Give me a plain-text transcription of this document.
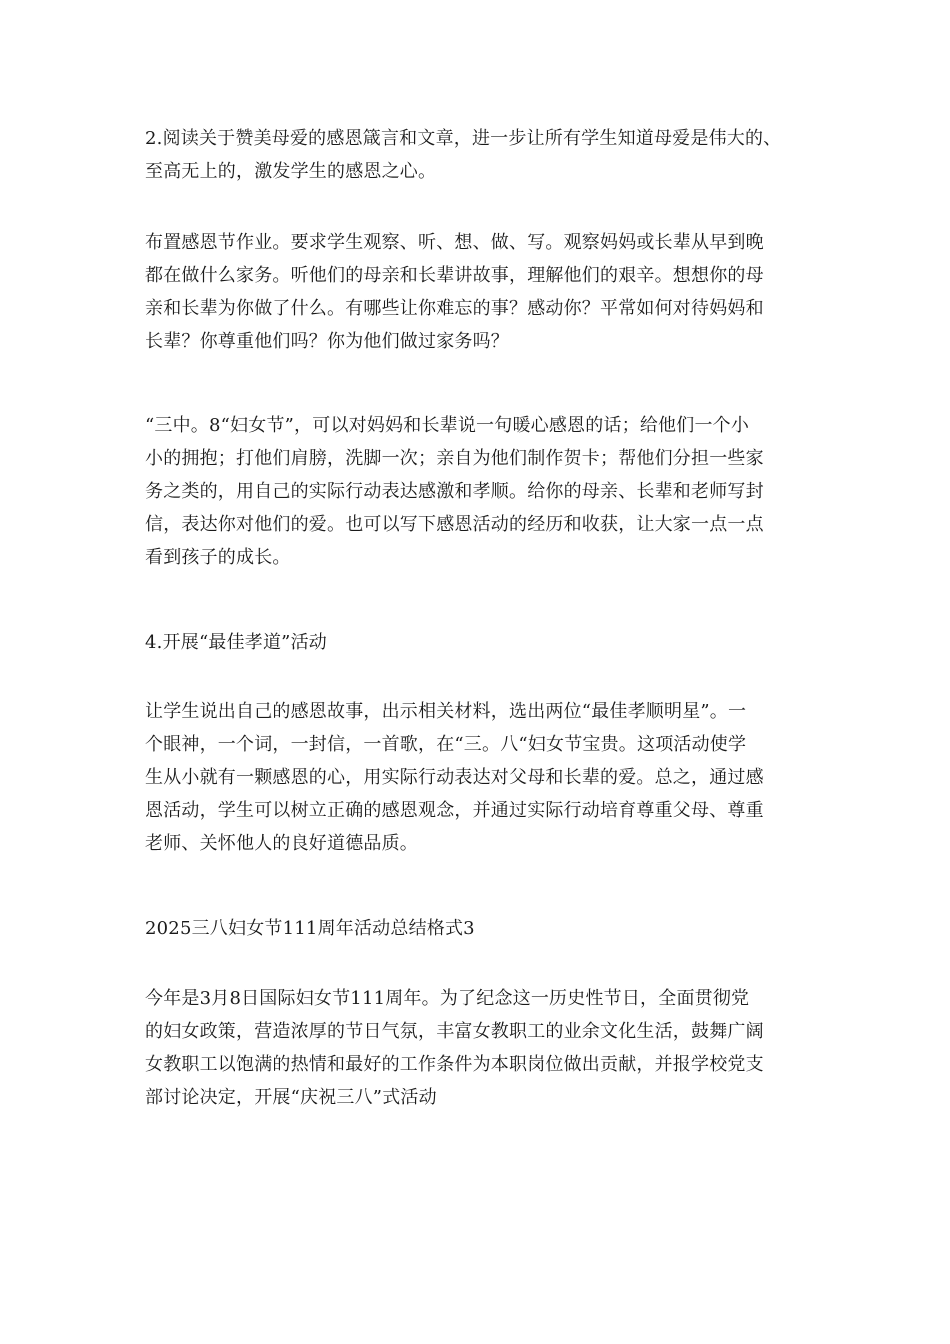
2.阅读关于赞美母爱的感恩箴言和文章，进一步让所有学生知道母爱是伟大的、
至高无上的，激发学生的感恩之心。

布置感恩节作业。要求学生观察、听、想、做、写。观察妈妈或长辈从早到晚
都在做什么家务。听他们的母亲和长辈讲故事，理解他们的艰辛。想想你的母
亲和长辈为你做了什么。有哪些让你难忘的事？感动你？平常如何对待妈妈和
长辈？你尊重他们吗？你为他们做过家务吗？

“三中。8“妇女节”，可以对妈妈和长辈说一句暖心感恩的话；给他们一个小
小的拥抱；打他们肩膀，洗脚一次；亲自为他们制作贺卡；帮他们分担一些家
务之类的，用自己的实际行动表达感激和孝顺。给你的母亲、长辈和老师写封
信，表达你对他们的爱。也可以写下感恩活动的经历和收获，让大家一点一点
看到孩子的成长。

4.开展“最佳孝道”活动

让学生说出自己的感恩故事，出示相关材料，选出两位“最佳孝顺明星”。一
个眼神，一个词，一封信，一首歌，在“三。八“妇女节宝贵。这项活动使学
生从小就有一颗感恩的心，用实际行动表达对父母和长辈的爱。总之，通过感
恩活动，学生可以树立正确的感恩观念，并通过实际行动培育尊重父母、尊重
老师、关怀他人的良好道德品质。

2025三八妇女节111周年活动总结格式3

今年是3月8日国际妇女节111周年。为了纪念这一历史性节日，全面贯彻党
的妇女政策，营造浓厚的节日气氛，丰富女教职工的业余文化生活，鼓舞广阔
女教职工以饱满的热情和最好的工作条件为本职岗位做出贡献，并报学校党支
部讨论决定，开展“庆祝三八”式活动
